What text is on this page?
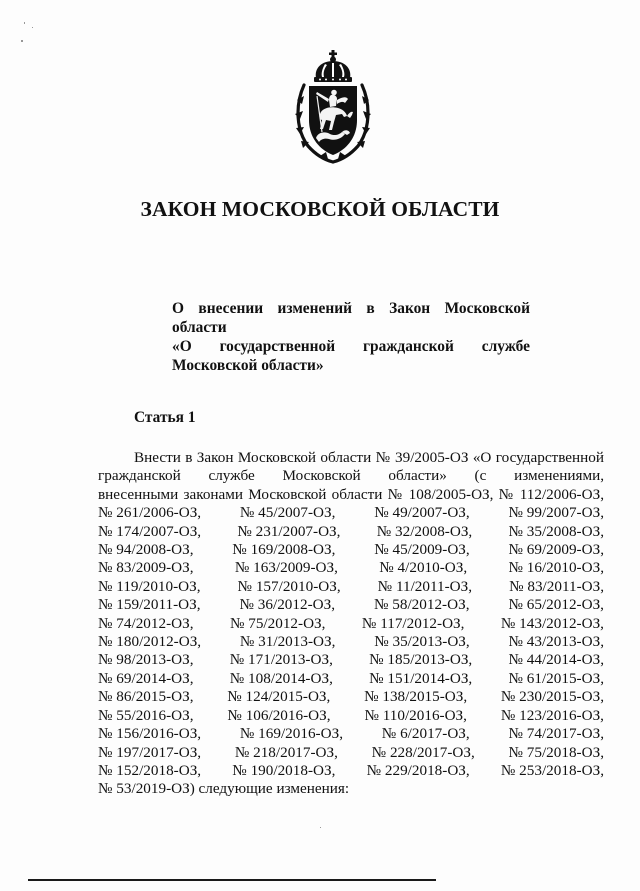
ЗАКОН МОСКОВСКОЙ ОБЛАСТИ
О внесении изменений в Закон Московской области
«О государственной гражданской службе
Московской области»
Статья 1
Внести в Закон Московской области № 39/2005-ОЗ «О государственной
гражданской службе Московской области» (с изменениями,
внесенными законами Московской области № 108/2005-ОЗ, № 112/2006-ОЗ,
№ 261/2006-ОЗ,	№ 45/2007-ОЗ,	№ 49/2007-ОЗ,	№ 99/2007-ОЗ,
№ 174/2007-ОЗ, № 231/2007-ОЗ, № 32/2008-ОЗ, № 35/2008-ОЗ,
№ 94/2008-ОЗ,	№ 169/2008-ОЗ,	№ 45/2009-ОЗ,	№ 69/2009-ОЗ,
№ 83/2009-ОЗ,	№ 163/2009-ОЗ,	№ 4/2010-ОЗ,	№ 16/2010-ОЗ,
№ 119/2010-ОЗ, № 157/2010-ОЗ, № 11/2011-ОЗ, № 83/2011-ОЗ,
№ 159/2011-ОЗ,	№ 36/2012-ОЗ,	№ 58/2012-ОЗ,	№ 65/2012-ОЗ,
№ 74/2012-ОЗ, № 75/2012-ОЗ, № 117/2012-ОЗ, № 143/2012-ОЗ,
№ 180/2012-ОЗ,	№ 31/2013-ОЗ,	№ 35/2013-ОЗ,	№ 43/2013-ОЗ,
№ 98/2013-ОЗ, № 171/2013-ОЗ, № 185/2013-ОЗ, № 44/2014-ОЗ,
№ 69/2014-ОЗ, № 108/2014-ОЗ, № 151/2014-ОЗ, № 61/2015-ОЗ,
№ 86/2015-ОЗ, № 124/2015-ОЗ, № 138/2015-ОЗ, № 230/2015-ОЗ,
№ 55/2016-ОЗ, № 106/2016-ОЗ, № 110/2016-ОЗ, № 123/2016-ОЗ,
№ 156/2016-ОЗ,	№ 169/2016-ОЗ,	№ 6/2017-ОЗ,	№ 74/2017-ОЗ,
№ 197/2017-ОЗ, № 218/2017-ОЗ, № 228/2017-ОЗ, № 75/2018-ОЗ,
№ 152/2018-ОЗ, № 190/2018-ОЗ, № 229/2018-ОЗ, № 253/2018-ОЗ,
№ 53/2019-ОЗ) следующие изменения:
